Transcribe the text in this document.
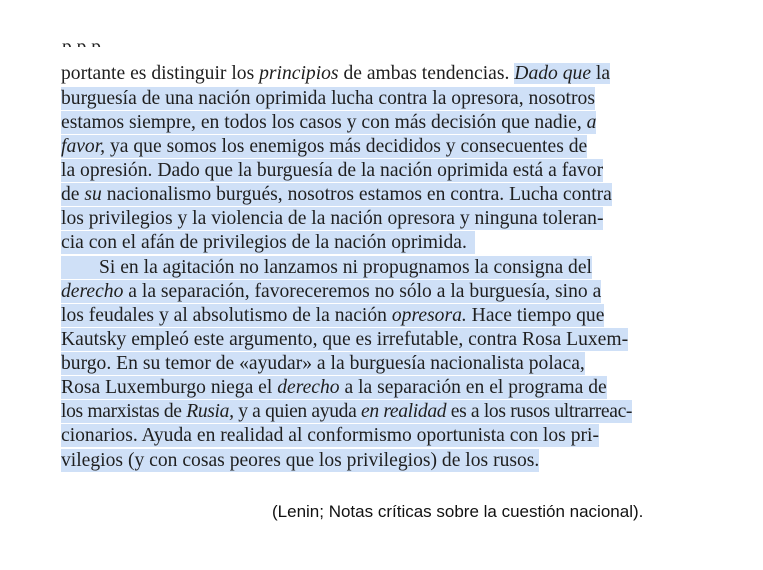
portante es distinguir los principios de ambas tendencias. Dado que la
burguesía de una nación oprimida lucha contra la opresora, nosotros
estamos siempre, en todos los casos y con más decisión que nadie, a
favor, ya que somos los enemigos más decididos y consecuentes de
la opresión. Dado que la burguesía de la nación oprimida está a favor
de su nacionalismo burgués, nosotros estamos en contra. Lucha contra
los privilegios y la violencia de la nación opresora y ninguna toleran-
cia con el afán de privilegios de la nación oprimida.
Si en la agitación no lanzamos ni propugnamos la consigna del
derecho a la separación, favoreceremos no sólo a la burguesía, sino a
los feudales y al absolutismo de la nación opresora. Hace tiempo que
Kautsky empleó este argumento, que es irrefutable, contra Rosa Luxem-
burgo. En su temor de «ayudar» a la burguesía nacionalista polaca,
Rosa Luxemburgo niega el derecho a la separación en el programa de
los marxistas de Rusia, y a quien ayuda en realidad es a los rusos ultrarreac-
cionarios. Ayuda en realidad al conformismo oportunista con los pri-
vilegios (y con cosas peores que los privilegios) de los rusos.
(Lenin; Notas críticas sobre la cuestión nacional).
